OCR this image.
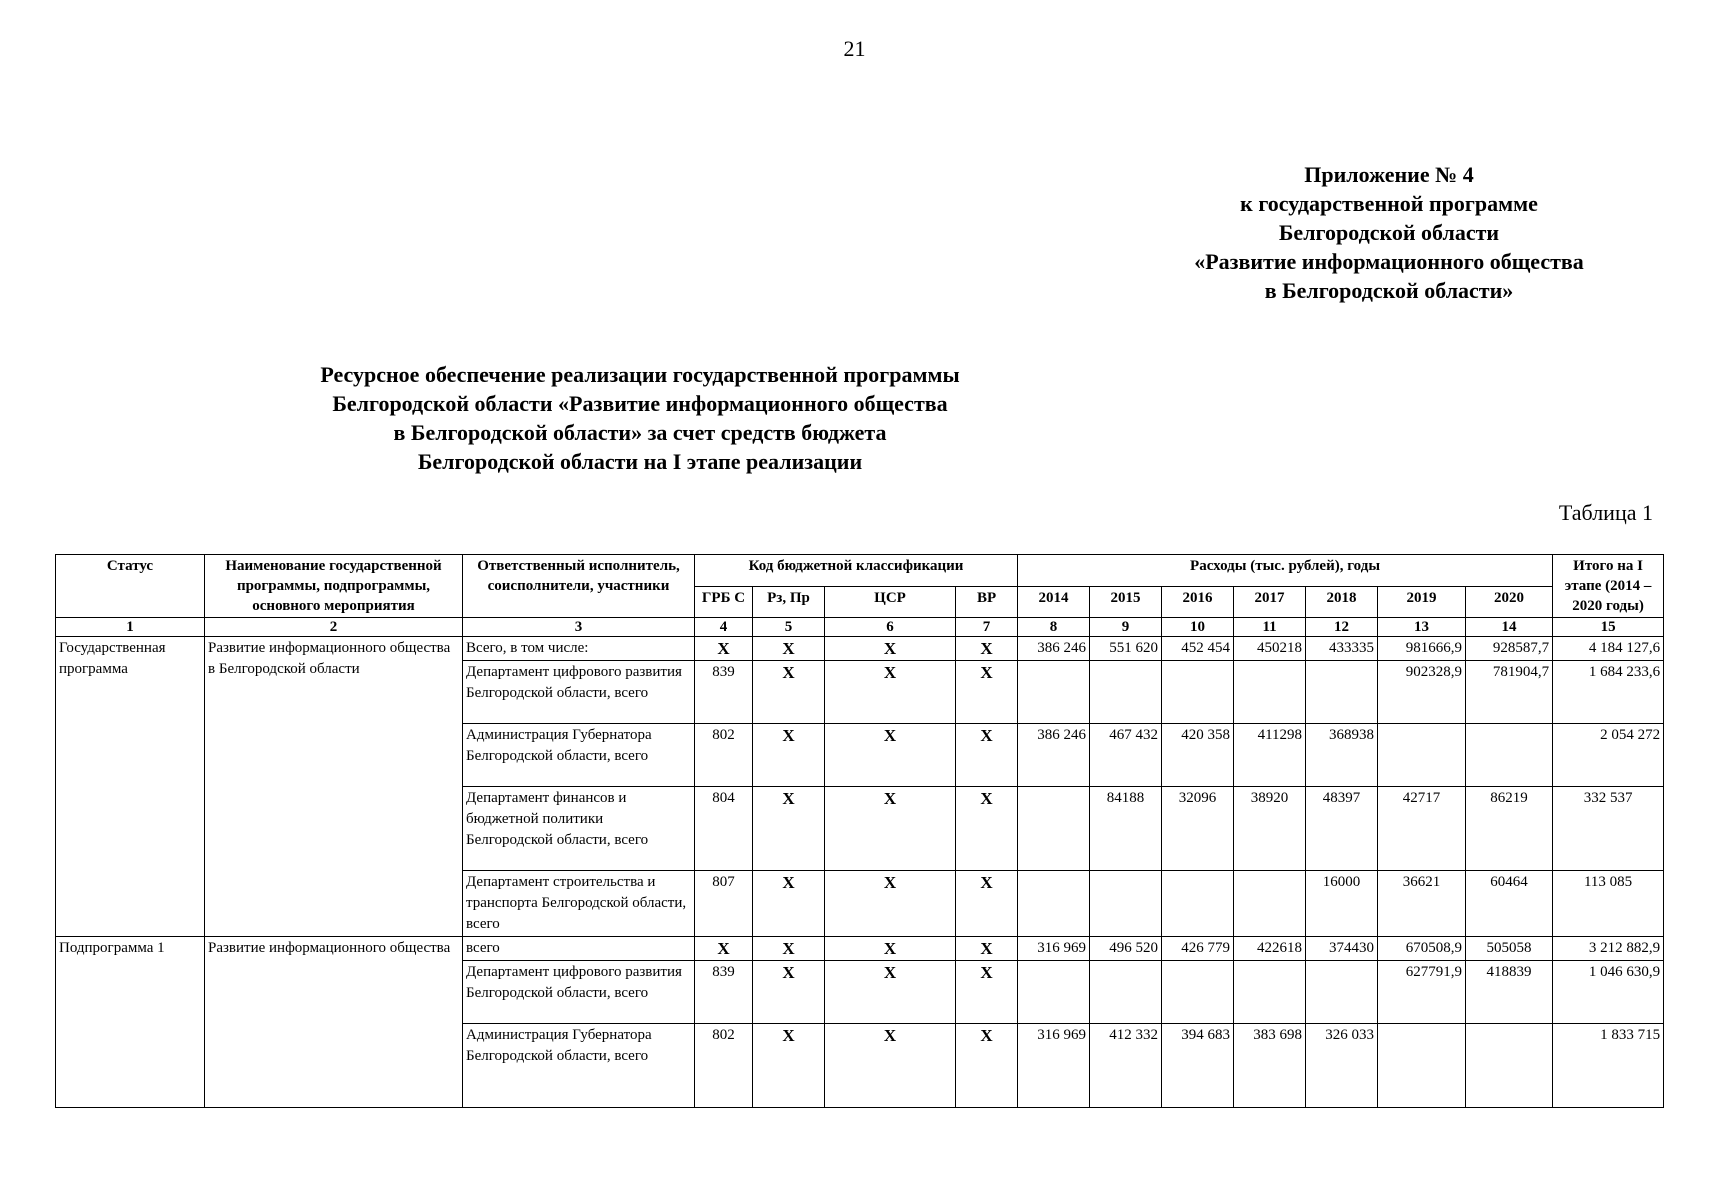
21
Приложение № 4
к государственной программе
Белгородской области
«Развитие информационного общества
в Белгородской области»
Ресурсное обеспечение реализации государственной программы
Белгородской области «Развитие информационного общества
в Белгородской области» за счет средств бюджета
Белгородской области на I этапе реализации
Таблица 1
Статус	Наименование государственной программы, подпрограммы, основного мероприятия	Ответственный исполнитель, соисполнители, участники	Код бюджетной классификации				Расходы (тыс. рублей), годы							Итого на I этапе (2014 – 2020 годы)
			ГРБ С	Рз, Пр	ЦСР	ВР	2014	2015	2016	2017	2018	2019	2020	
1	2	3	4	5	6	7	8	9	10	11	12	13	14	15
Государственная программа	Развитие информационного общества в Белгородской области	Всего, в том числе:	X	X	X	X	386 246	551 620	452 454	450218	433335	981666,9	928587,7	4 184 127,6
		Департамент цифрового развития Белгородской области, всего	839	X	X	X						902328,9	781904,7	1 684 233,6
		Администрация Губернатора Белгородской области, всего	802	X	X	X	386 246	467 432	420 358	411298	368938			2 054 272
		Департамент финансов и бюджетной политики Белгородской области, всего	804	X	X	X		84188	32096	38920	48397	42717	86219	332 537
		Департамент строительства и транспорта Белгородской области, всего	807	X	X	X					16000	36621	60464	113 085
Подпрограмма 1	Развитие информационного общества	всего	X	X	X	X	316 969	496 520	426 779	422618	374430	670508,9	505058	3 212 882,9
		Департамент цифрового развития Белгородской области, всего	839	X	X	X						627791,9	418839	1 046 630,9
		Администрация Губернатора Белгородской области, всего	802	X	X	X	316 969	412 332	394 683	383 698	326 033			1 833 715
